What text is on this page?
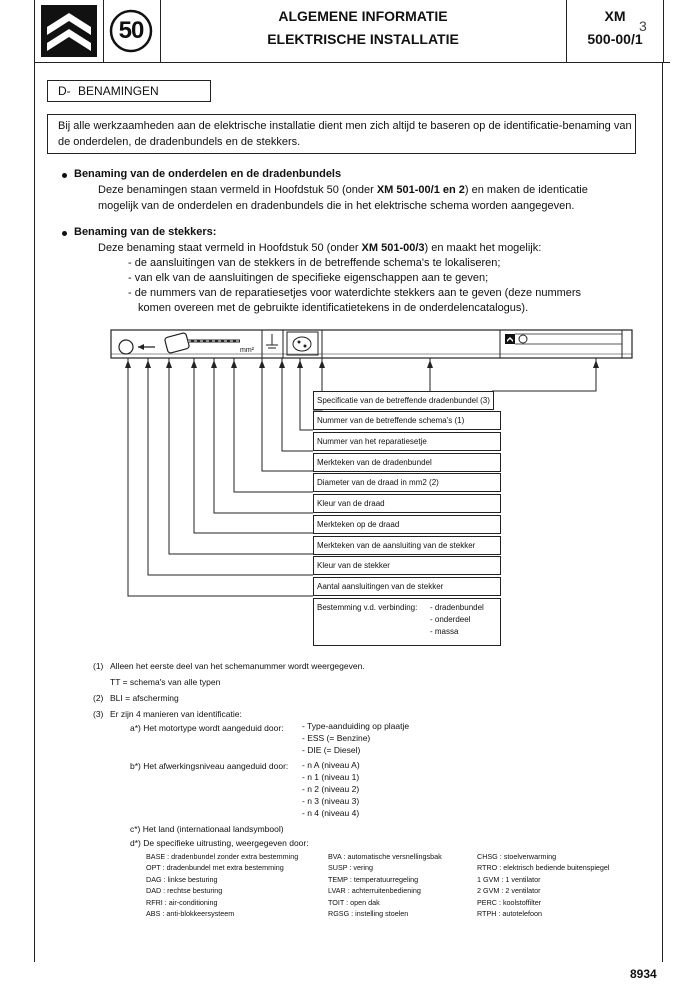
50
ALGEMENE INFORMATIE
ELEKTRISCHE INSTALLATIE
XM
500-00/1
3
D- BENAMINGEN
Bij alle werkzaamheden aan de elektrische installatie dient men zich altijd te baseren op de identificatie-benaming van de onderdelen, de dradenbundels en de stekkers.
Benaming van de onderdelen en de dradenbundels
Deze benamingen staan vermeld in Hoofdstuk 50 (onder XM 501-00/1 en 2) en maken de identicatie
mogelijk van de onderdelen en dradenbundels die in het elektrische schema worden aangegeven.
Benaming van de stekkers:
Deze benaming staat vermeld in Hoofdstuk 50 (onder XM 501-00/3) en maakt het mogelijk:
- de aansluitingen van de stekkers in de betreffende schema's te lokaliseren;
- van elk van de aansluitingen de specifieke eigenschappen aan te geven;
- de nummers van de reparatiesetjes voor waterdichte stekkers aan te geven (deze nummers
komen overeen met de gebruikte identificatietekens in de onderdelencatalogus).
mm²
Specificatie van de betreffende dradenbundel (3)
Nummer van de betreffende schema's (1)
Nummer van het reparatiesetje
Merkteken van de dradenbundel
Diameter van de draad in mm2 (2)
Kleur van de draad
Merkteken op de draad
Merkteken van de aansluiting van de stekker
Kleur van de stekker
Aantal aansluitingen van de stekker
Bestemming v.d. verbinding: - dradenbundel
- onderdeel
- massa
(1) Alleen het eerste deel van het schemanummer wordt weergegeven.
TT = schema's van alle typen
(2) BLI = afscherming
(3) Er zijn 4 manieren van identificatie:
a*) Het motortype wordt aangeduid door: - Type-aanduiding op plaatje
- ESS (= Benzine)
- DIE (= Diesel)
b*) Het afwerkingsniveau aangeduid door: - n A (niveau A)
- n 1 (niveau 1)
- n 2 (niveau 2)
- n 3 (niveau 3)
- n 4 (niveau 4)
c*) Het land (internationaal landsymbool)
d*) De specifieke uitrusting, weergegeven door:
BASE : dradenbundel zonder extra bestemming
OPT : dradenbundel met extra bestemming
DAG : linkse besturing
DAD : rechtse besturing
RFRI : air-conditioning
ABS : anti-blokkeersysteem
BVA : automatische versnellingsbak
SUSP : vering
TEMP : temperatuurregeling
LVAR : achterruitenbediening
TOIT : open dak
RGSG : instelling stoelen
CHSG : stoelverwarming
RTRO : elektrisch bediende buitenspiegel
1 GVM : 1 ventilator
2 GVM : 2 ventilator
PERC : koolstoffilter
RTPH : autotelefoon
8934
